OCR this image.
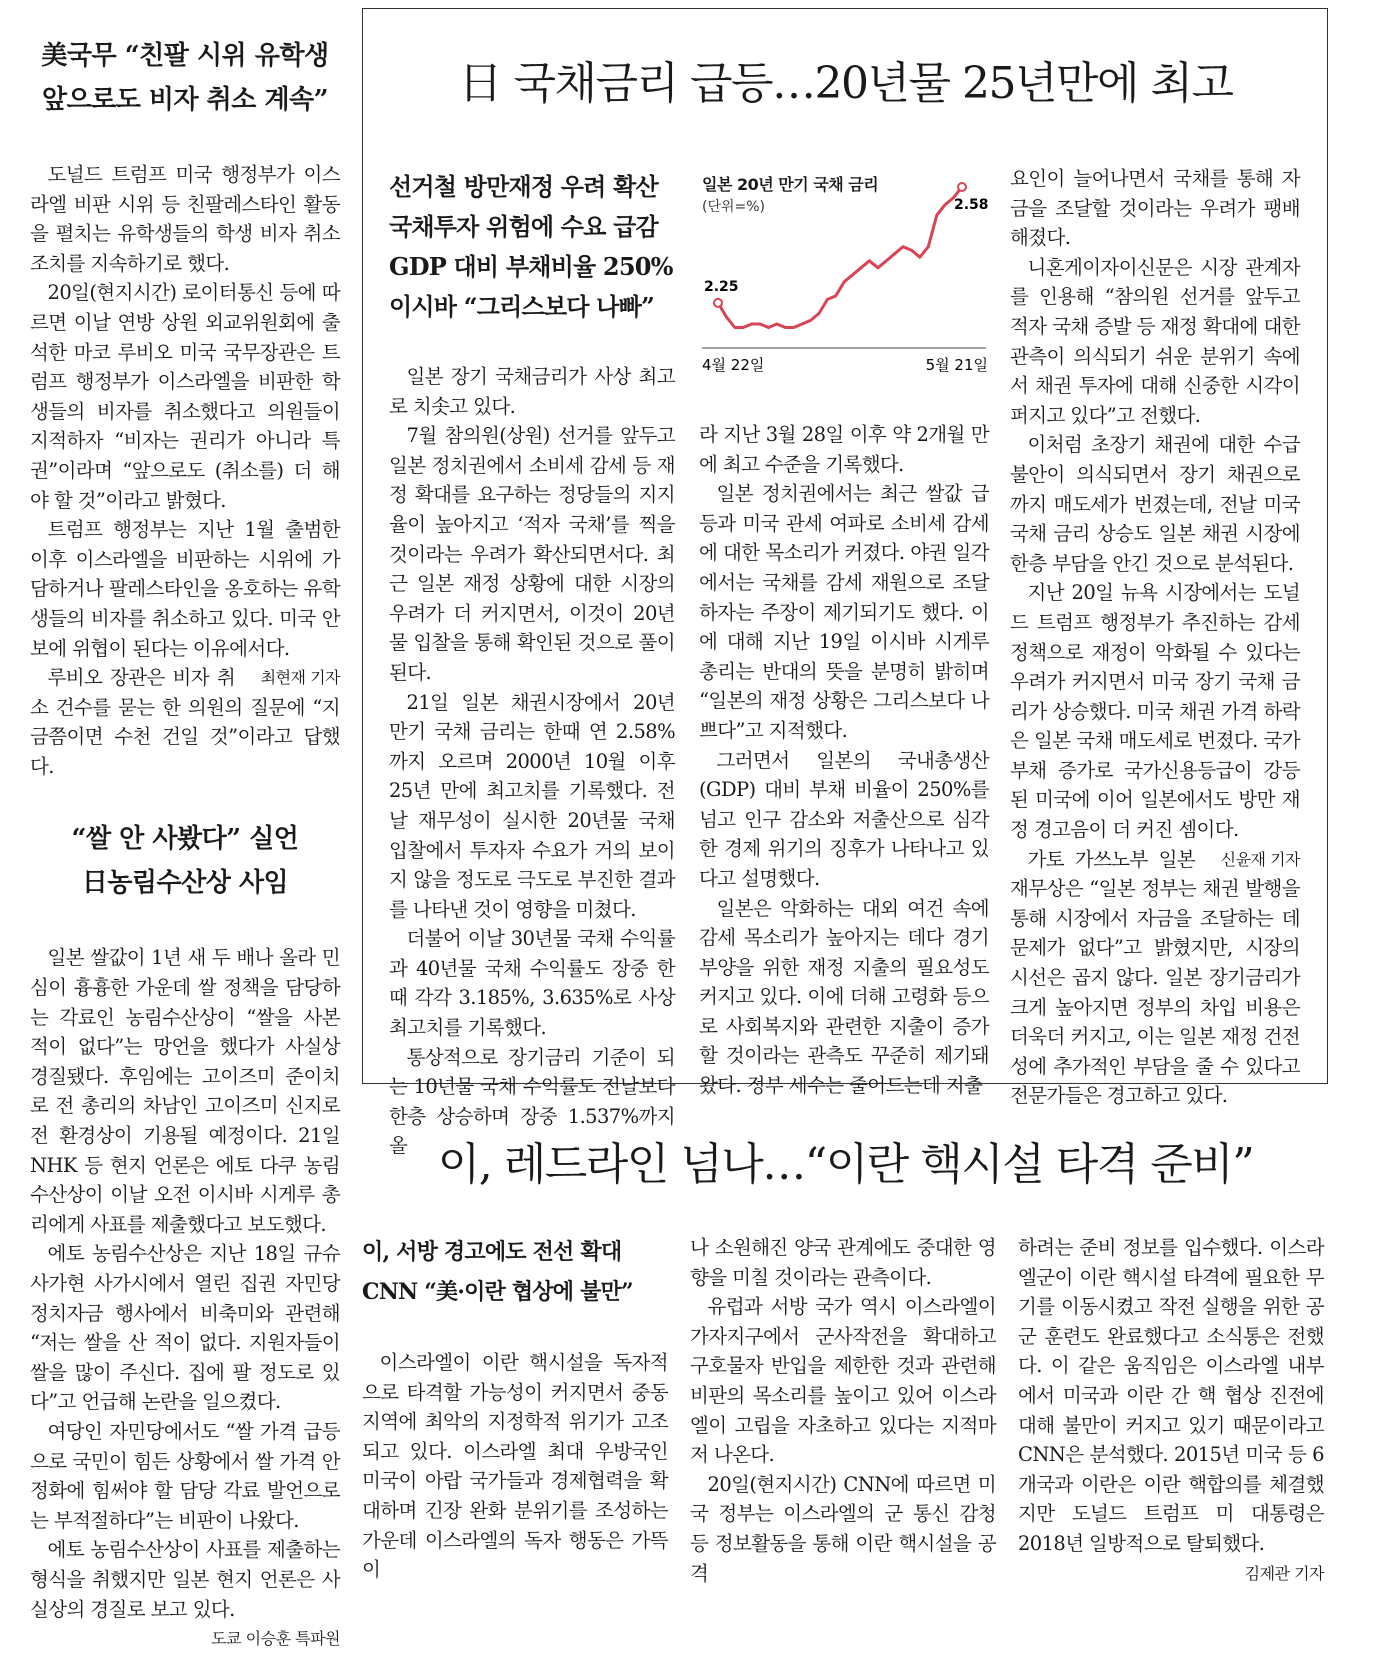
美국무 “친팔 시위 유학생
앞으로도 비자 취소 계속”

도널드 트럼프 미국 행정부가 이스라엘 비판 시위 등 친팔레스타인 활동을 펼치는 유학생들의 학생 비자 취소 조치를 지속하기로 했다.

20일(현지시간) 로이터통신 등에 따르면 이날 연방 상원 외교위원회에 출석한 마코 루비오 미국 국무장관은 트럼프 행정부가 이스라엘을 비판한 학생들의 비자를 취소했다고 의원들이 지적하자 “비자는 권리가 아니라 특권”이라며 “앞으로도 (취소를) 더 해야 할 것”이라고 밝혔다.

트럼프 행정부는 지난 1월 출범한 이후 이스라엘을 비판하는 시위에 가담하거나 팔레스타인을 옹호하는 유학생들의 비자를 취소하고 있다. 미국 안보에 위협이 된다는 이유에서다.

최현재 기자
루비오 장관은 비자 취소 건수를 묻는 한 의원의 질문에 “지금쯤이면 수천 건일 것”이라고 답했다.

“쌀 안 사봤다” 실언
日농림수산상 사임

일본 쌀값이 1년 새 두 배나 올라 민심이 흉흉한 가운데 쌀 정책을 담당하는 각료인 농림수산상이 “쌀을 사본 적이 없다”는 망언을 했다가 사실상 경질됐다. 후임에는 고이즈미 준이치로 전 총리의 차남인 고이즈미 신지로 전 환경상이 기용될 예정이다. 21일 NHK 등 현지 언론은 에토 다쿠 농림수산상이 이날 오전 이시바 시게루 총리에게 사표를 제출했다고 보도했다.

에토 농림수산상은 지난 18일 규슈 사가현 사가시에서 열린 집권 자민당 정치자금 행사에서 비축미와 관련해 “저는 쌀을 산 적이 없다. 지원자들이 쌀을 많이 주신다. 집에 팔 정도로 있다”고 언급해 논란을 일으켰다.

여당인 자민당에서도 “쌀 가격 급등으로 국민이 힘든 상황에서 쌀 가격 안정화에 힘써야 할 담당 각료 발언으로는 부적절하다”는 비판이 나왔다.

에토 농림수산상이 사표를 제출하는 형식을 취했지만 일본 현지 언론은 사실상의 경질로 보고 있다.

도쿄 이승훈 특파원
日 국채금리 급등…20년물 25년만에 최고
선거철 방만재정 우려 확산
국채투자 위험에 수요 급감
GDP 대비 부채비율 250%
이시바 “그리스보다 나빠”
일본 20년 만기 국채 금리
(단위=%)
2.25
2.58
4월 22일	5월 21일

일본 장기 국채금리가 사상 최고로 치솟고 있다.

7월 참의원(상원) 선거를 앞두고 일본 정치권에서 소비세 감세 등 재정 확대를 요구하는 정당들의 지지율이 높아지고 ‘적자 국채’를 찍을 것이라는 우려가 확산되면서다. 최근 일본 재정 상황에 대한 시장의 우려가 더 커지면서, 이것이 20년물 입찰을 통해 확인된 것으로 풀이된다.

21일 일본 채권시장에서 20년 만기 국채 금리는 한때 연 2.58%까지 오르며 2000년 10월 이후 25년 만에 최고치를 기록했다. 전날 재무성이 실시한 20년물 국채 입찰에서 투자자 수요가 거의 보이지 않을 정도로 극도로 부진한 결과를 나타낸 것이 영향을 미쳤다.

더불어 이날 30년물 국채 수익률과 40년물 국채 수익률도 장중 한때 각각 3.185%, 3.635%로 사상 최고치를 기록했다.

통상적으로 장기금리 기준이 되는 10년물 국채 수익률도 전날보다 한층 상승하며 장중 1.537%까지 올

라 지난 3월 28일 이후 약 2개월 만에 최고 수준을 기록했다.

일본 정치권에서는 최근 쌀값 급등과 미국 관세 여파로 소비세 감세에 대한 목소리가 커졌다. 야권 일각에서는 국채를 감세 재원으로 조달하자는 주장이 제기되기도 했다. 이에 대해 지난 19일 이시바 시게루 총리는 반대의 뜻을 분명히 밝히며 “일본의 재정 상황은 그리스보다 나쁘다”고 지적했다.

그러면서 일본의 국내총생산(GDP) 대비 부채 비율이 250%를 넘고 인구 감소와 저출산으로 심각한 경제 위기의 징후가 나타나고 있다고 설명했다.

일본은 악화하는 대외 여건 속에 감세 목소리가 높아지는 데다 경기 부양을 위한 재정 지출의 필요성도 커지고 있다. 이에 더해 고령화 등으로 사회복지와 관련한 지출이 증가할 것이라는 관측도 꾸준히 제기돼 왔다. 정부 세수는 줄어드는데 지출

요인이 늘어나면서 국채를 통해 자금을 조달할 것이라는 우려가 팽배해졌다.

니혼게이자이신문은 시장 관계자를 인용해 “참의원 선거를 앞두고 적자 국채 증발 등 재정 확대에 대한 관측이 의식되기 쉬운 분위기 속에서 채권 투자에 대해 신중한 시각이 퍼지고 있다”고 전했다.

이처럼 초장기 채권에 대한 수급 불안이 의식되면서 장기 채권으로까지 매도세가 번졌는데, 전날 미국 국채 금리 상승도 일본 채권 시장에 한층 부담을 안긴 것으로 분석된다.

지난 20일 뉴욕 시장에서는 도널드 트럼프 행정부가 추진하는 감세 정책으로 재정이 악화될 수 있다는 우려가 커지면서 미국 장기 국채 금리가 상승했다. 미국 채권 가격 하락은 일본 국채 매도세로 번졌다. 국가 부채 증가로 국가신용등급이 강등된 미국에 이어 일본에서도 방만 재정 경고음이 더 커진 셈이다.

신윤재 기자
가토 가쓰노부 일본 재무상은 “일본 정부는 채권 발행을 통해 시장에서 자금을 조달하는 데 문제가 없다”고 밝혔지만, 시장의 시선은 곱지 않다. 일본 장기금리가 크게 높아지면 정부의 차입 비용은 더욱더 커지고, 이는 일본 재정 건전성에 추가적인 부담을 줄 수 있다고 전문가들은 경고하고 있다.

이, 레드라인 넘나…“이란 핵시설 타격 준비”
이, 서방 경고에도 전선 확대
CNN “美·이란 협상에 불만”

이스라엘이 이란 핵시설을 독자적으로 타격할 가능성이 커지면서 중동 지역에 최악의 지정학적 위기가 고조되고 있다. 이스라엘 최대 우방국인 미국이 아랍 국가들과 경제협력을 확대하며 긴장 완화 분위기를 조성하는 가운데 이스라엘의 독자 행동은 가뜩이

나 소원해진 양국 관계에도 중대한 영향을 미칠 것이라는 관측이다.

유럽과 서방 국가 역시 이스라엘이 가자지구에서 군사작전을 확대하고 구호물자 반입을 제한한 것과 관련해 비판의 목소리를 높이고 있어 이스라엘이 고립을 자초하고 있다는 지적마저 나온다.

20일(현지시간) CNN에 따르면 미국 정부는 이스라엘의 군 통신 감청 등 정보활동을 통해 이란 핵시설을 공격

하려는 준비 정보를 입수했다. 이스라엘군이 이란 핵시설 타격에 필요한 무기를 이동시켰고 작전 실행을 위한 공군 훈련도 완료했다고 소식통은 전했다. 이 같은 움직임은 이스라엘 내부에서 미국과 이란 간 핵 협상 진전에 대해 불만이 커지고 있기 때문이라고 CNN은 분석했다. 2015년 미국 등 6개국과 이란은 이란 핵합의를 체결했지만 도널드 트럼프 미 대통령은 2018년 일방적으로 탈퇴했다.
김제관 기자
